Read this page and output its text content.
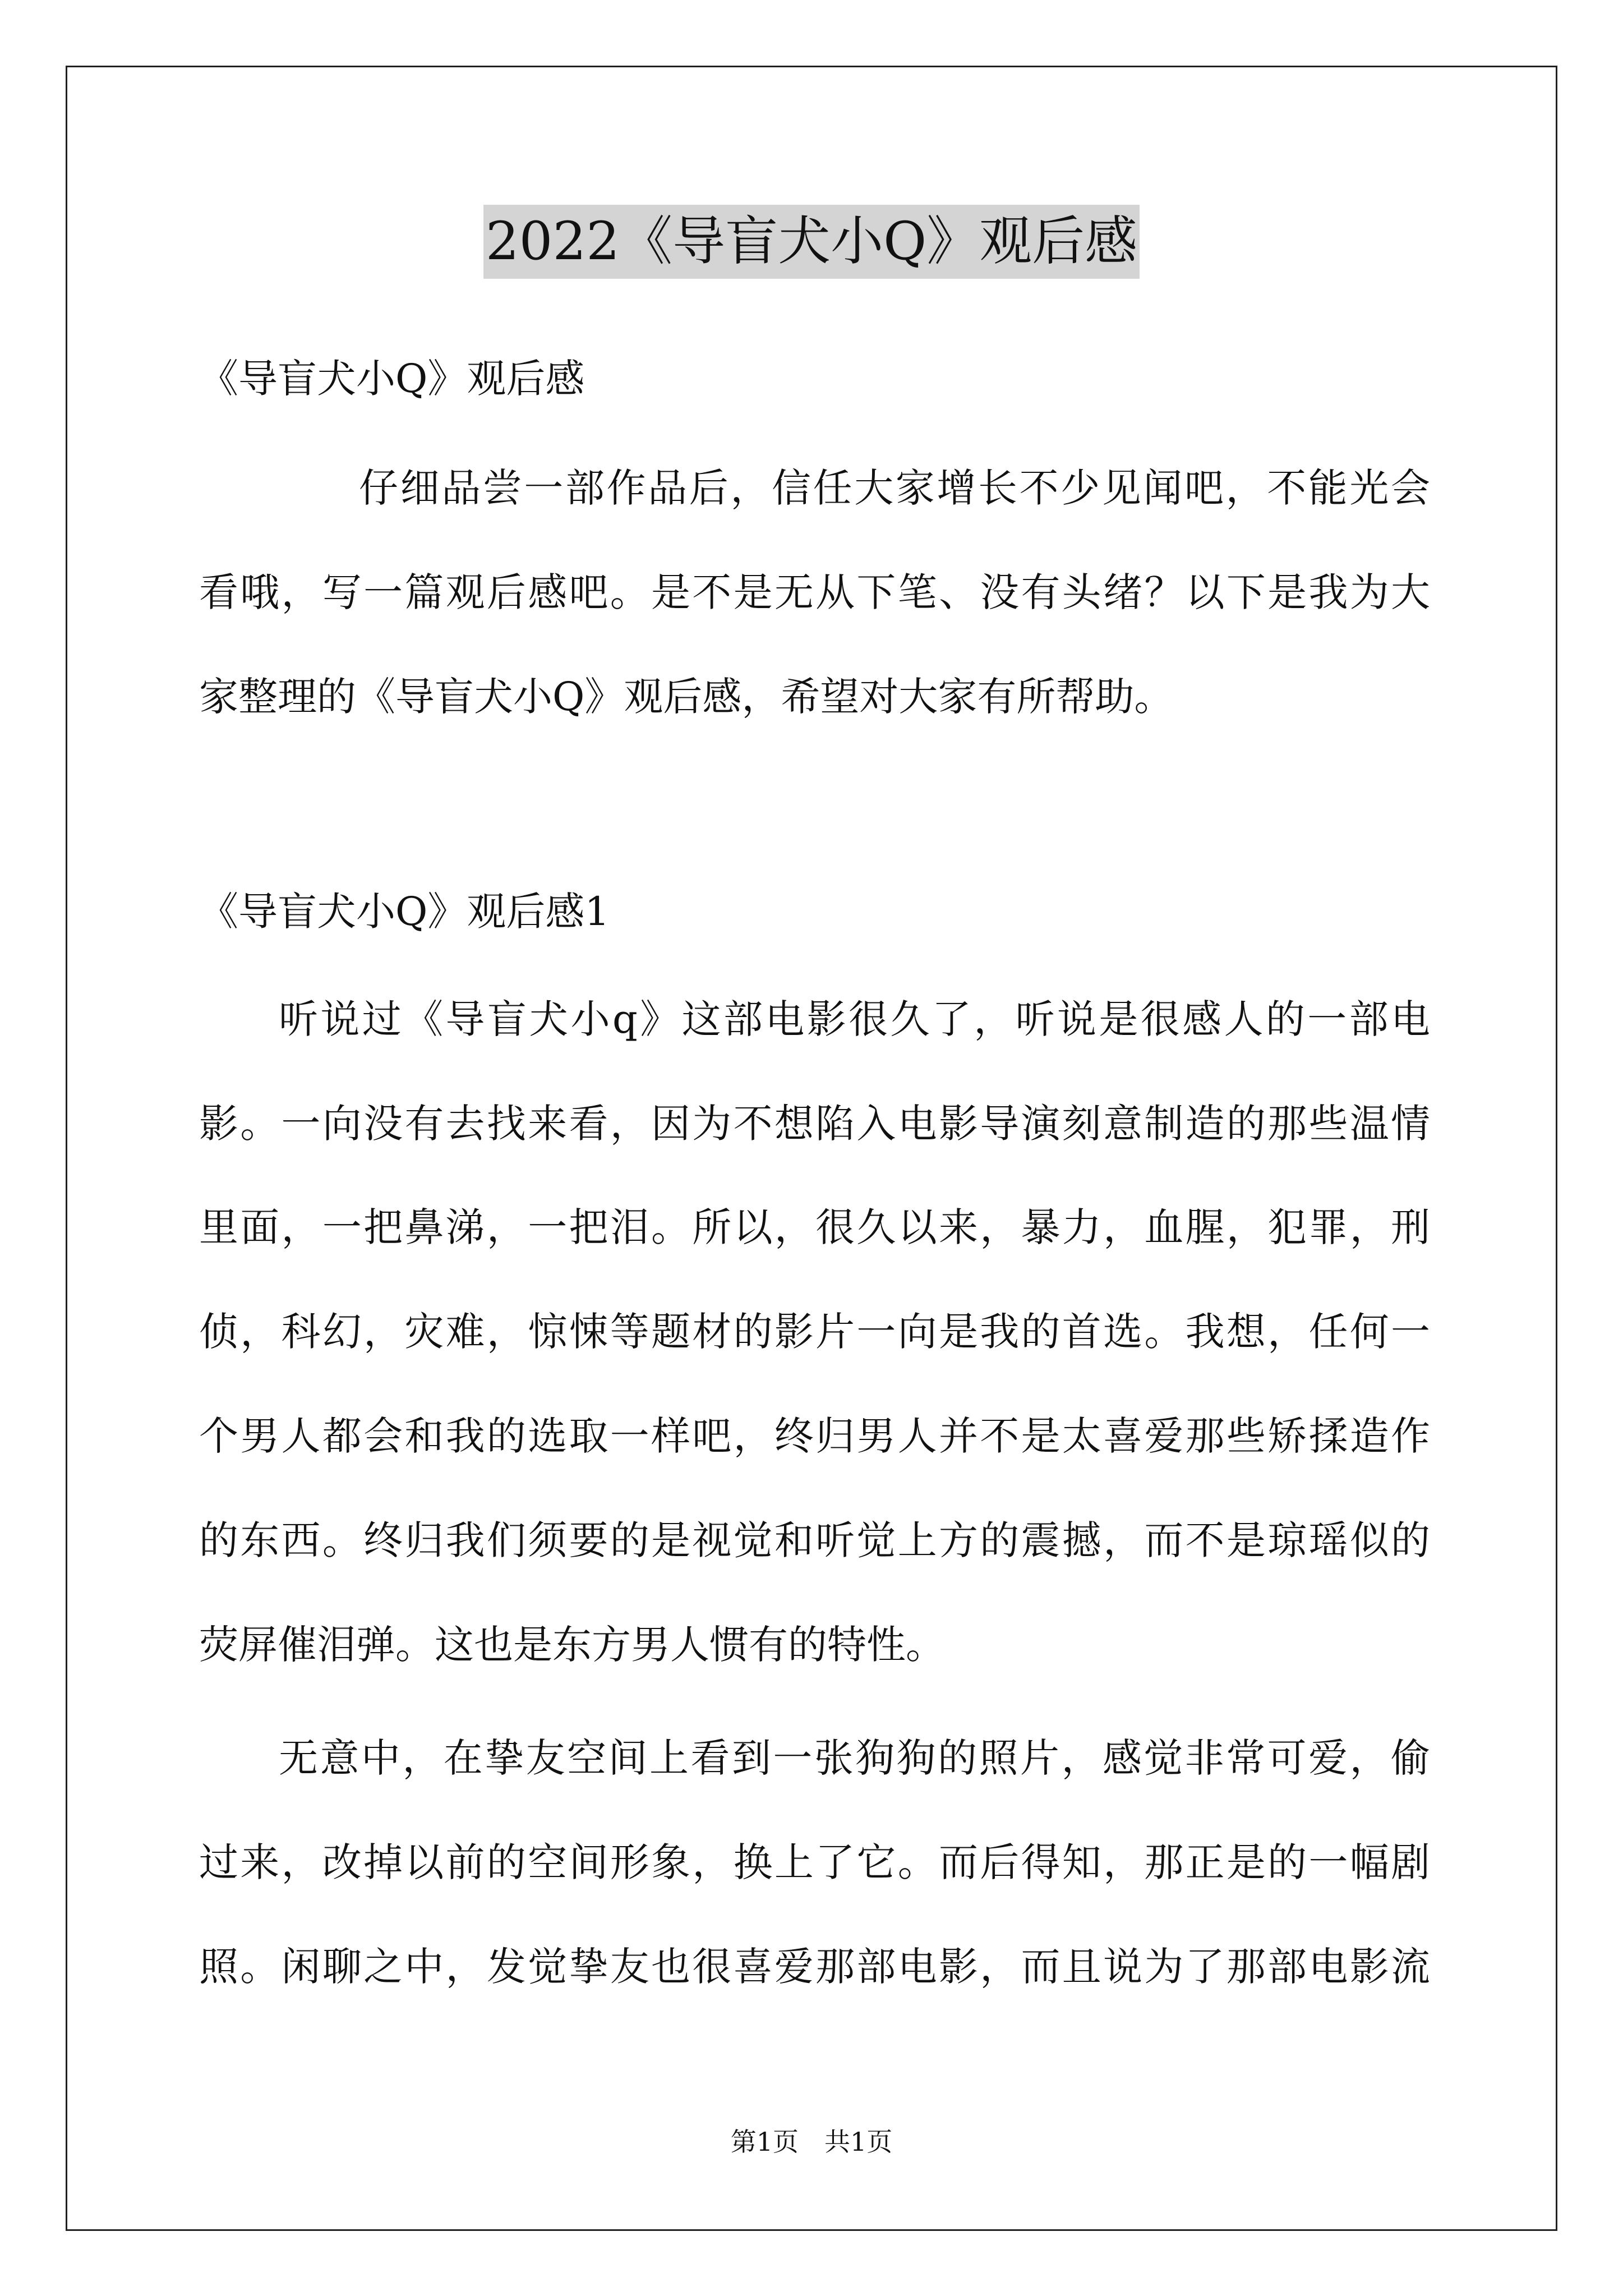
2022《导盲犬小Q》观后感

《导盲犬小Q》观后感

仔细品尝一部作品后，信任大家增长不少见闻吧，不能光会

看哦，写一篇观后感吧。是不是无从下笔、没有头绪？以下是我为大

家整理的《导盲犬小Q》观后感，希望对大家有所帮助。

《导盲犬小Q》观后感1

听说过《导盲犬小q》这部电影很久了，听说是很感人的一部电

影。一向没有去找来看，因为不想陷入电影导演刻意制造的那些温情

里面，一把鼻涕，一把泪。所以，很久以来，暴力，血腥，犯罪，刑

侦，科幻，灾难，惊悚等题材的影片一向是我的首选。我想，任何一

个男人都会和我的选取一样吧，终归男人并不是太喜爱那些矫揉造作

的东西。终归我们须要的是视觉和听觉上方的震撼，而不是琼瑶似的

荧屏催泪弹。这也是东方男人惯有的特性。

无意中，在挚友空间上看到一张狗狗的照片，感觉非常可爱，偷

过来，改掉以前的空间形象，换上了它。而后得知，那正是的一幅剧

照。闲聊之中，发觉挚友也很喜爱那部电影，而且说为了那部电影流

第1页　共1页
